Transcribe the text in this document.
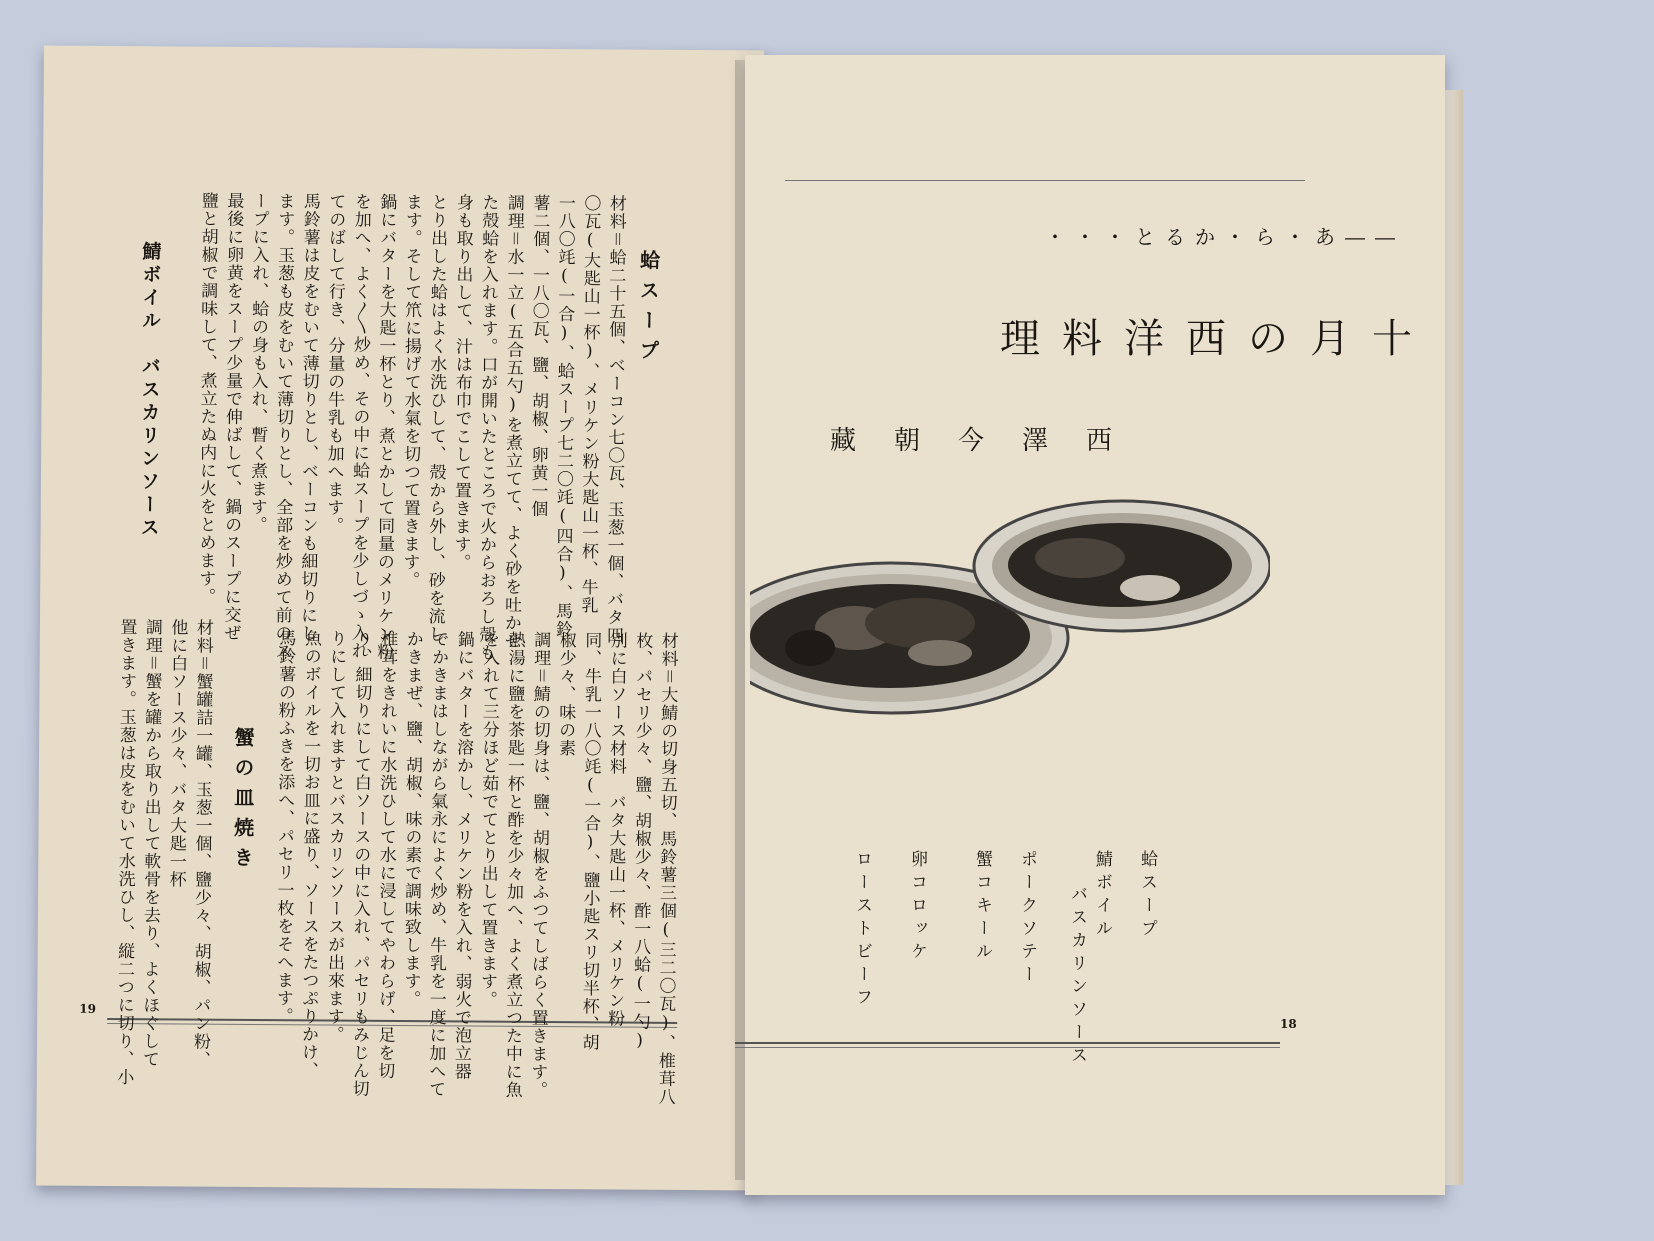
蛤スープ
鯖ボイル　バスカリンソース
蟹の皿焼き
19
材料＝蛤二十五個、ベーコン七〇瓦、玉葱一個、バタ四
〇瓦(大匙山一杯)、メリケン粉大匙山一杯、牛乳
一八〇竓(一合)、蛤スープ七二〇竓(四合)、馬鈴
薯二個、一八〇瓦、鹽、胡椒、卵黄一個
調理＝水一立(五合五勺)を煮立てて、よく砂を吐かせ
た殻蛤を入れます。口が開いたところで火からおろし殻も
身も取り出して、汁は布巾でこして置きます。
とり出した蛤はよく水洗ひして、殻から外し、砂を流し
ます。そして笊に揚げて水氣を切つて置きます。
鍋にバターを大匙一杯とり、煮とかして同量のメリケン粉
を加へ、よく〳〵炒め、その中に蛤スープを少しづゝ入れ
てのばして行き、分量の牛乳も加へます。
馬鈴薯は皮をむいて薄切りとし、ベーコンも細切りにし
ます。玉葱も皮をむいて薄切りとし、全部を炒めて前のス
ープに入れ、蛤の身も入れ、暫く煮ます。
最後に卵黄をスープ少量で伸ばして、鍋のスープに交ぜ
鹽と胡椒で調味して、煮立たぬ内に火をとめます。
材料＝大鯖の切身五切、馬鈴薯三個(三二〇瓦)、椎茸八
枚、パセリ少々、鹽、胡椒少々、酢一八蛤(一勺)
別に白ソース材料　バタ大匙山一杯、メリケン粉
同、牛乳一八〇竓(一合)、鹽小匙スリ切半杯、胡
椒少々、味の素
調理＝鯖の切身は、鹽、胡椒をふつてしばらく置きます。
熱湯に鹽を茶匙一杯と酢を少々加へ、よく煮立つた中に魚
を入れて三分ほど茹でてとり出して置きます。
鍋にバターを溶かし、メリケン粉を入れ、弱火で泡立器
でかきまはしながら氣永によく炒め、牛乳を一度に加へて
かきまぜ、鹽、胡椒、味の素で調味致します。
椎茸をきれいに水洗ひして水に浸してやわらげ、足を切
り、細切りにして白ソースの中に入れ、パセリもみじん切
りにして入れますとバスカリンソースが出來ます。
魚のボイルを一切お皿に盛り、ソースをたつぷりかけ、
馬鈴薯の粉ふきを添へ、パセリ一枚をそへます。
材料＝蟹罐詰一罐、玉葱一個、鹽少々、胡椒、パン粉、
他に白ソース少々、バタ大匙一杯
調理＝蟹を罐から取り出して軟骨を去り、よくほぐして
置きます。玉葱は皮をむいて水洗ひし、縦二つに切り、小
・・・とるか・ら・あ――
理料洋西の月十
藏朝今澤西
18
蛤スープ
鯖ボイル
バスカリンソース
ポークソテー
蟹コキール
卵コロッケ
ローストビーフ
